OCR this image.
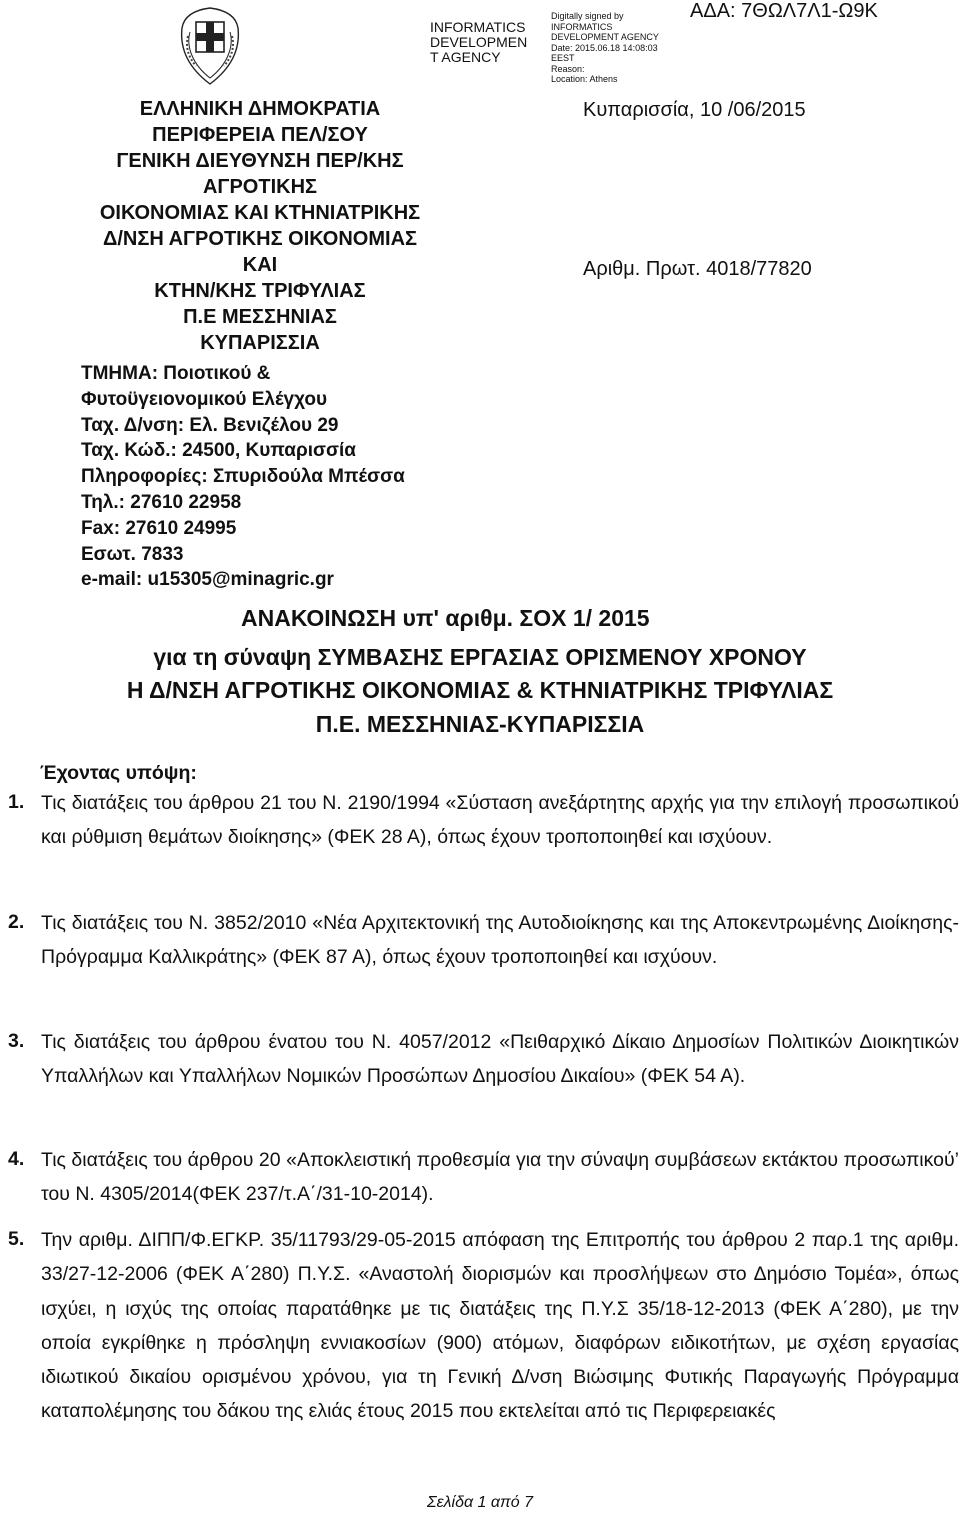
INFORMATICS
DEVELOPMEN
T AGENCY
Digitally signed by
INFORMATICS
DEVELOPMENT AGENCY
Date: 2015.06.18 14:08:03
EEST
Reason:
Location: Athens
ΑΔΑ: 7ΘΩΛ7Λ1-Ω9Κ
ΕΛΛΗΝΙΚΗ ΔΗΜΟΚΡΑΤΙΑ
ΠΕΡΙΦΕΡΕΙΑ ΠΕΛ/ΣΟΥ
ΓΕΝΙΚΗ ΔΙΕΥΘΥΝΣΗ ΠΕΡ/ΚΗΣ
ΑΓΡΟΤΙΚΗΣ
ΟΙΚΟΝΟΜΙΑΣ ΚΑΙ ΚΤΗΝΙΑΤΡΙΚΗΣ
Δ/ΝΣΗ ΑΓΡΟΤΙΚΗΣ ΟΙΚΟΝΟΜΙΑΣ
ΚΑΙ
ΚΤΗΝ/ΚΗΣ ΤΡΙΦΥΛΙΑΣ
Π.Ε ΜΕΣΣΗΝΙΑΣ
ΚΥΠΑΡΙΣΣΙΑ
ΤΜΗΜΑ: Ποιοτικού &
Φυτοϋγειονομικού Ελέγχου
Ταχ. Δ/νση: Ελ. Βενιζέλου 29
Ταχ. Κώδ.: 24500, Κυπαρισσία
Πληροφορίες: Σπυριδούλα Μπέσσα
Τηλ.: 27610 22958
Fax: 27610 24995
Εσωτ. 7833
e-mail: u15305@minagric.gr
Κυπαρισσία, 10 /06/2015
Αριθμ. Πρωτ. 4018/77820
ΑΝΑΚΟΙΝΩΣΗ υπ' αριθμ. ΣΟΧ 1/ 2015
για τη σύναψη ΣΥΜΒΑΣΗΣ ΕΡΓΑΣΙΑΣ ΟΡΙΣΜΕΝΟΥ ΧΡΟΝΟΥ
Η Δ/ΝΣΗ ΑΓΡΟΤΙΚΗΣ ΟΙΚΟΝΟΜΙΑΣ & ΚΤΗΝΙΑΤΡΙΚΗΣ ΤΡΙΦΥΛΙΑΣ
Π.Ε. ΜΕΣΣΗΝΙΑΣ-ΚΥΠΑΡΙΣΣΙΑ
Έχοντας υπόψη:
1. Τις διατάξεις του άρθρου 21 του Ν. 2190/1994 «Σύσταση ανεξάρτητης αρχής για την επιλογή προσωπικού και ρύθμιση θεμάτων διοίκησης» (ΦΕΚ 28 Α), όπως έχουν τροποποιηθεί και ισχύουν.
2. Τις διατάξεις του Ν. 3852/2010 «Νέα Αρχιτεκτονική της Αυτοδιοίκησης και της Αποκεντρωμένης Διοίκησης- Πρόγραμμα Καλλικράτης» (ΦΕΚ 87 Α), όπως έχουν τροποποιηθεί και ισχύουν.
3. Τις διατάξεις του άρθρου ένατου του Ν. 4057/2012 «Πειθαρχικό Δίκαιο Δημοσίων Πολιτικών Διοικητικών Υπαλλήλων και Υπαλλήλων Νομικών Προσώπων Δημοσίου Δικαίου» (ΦΕΚ 54 Α).
4. Τις διατάξεις του άρθρου 20 «Αποκλειστική προθεσμία για την σύναψη συμβάσεων εκτάκτου προσωπικού’ του Ν. 4305/2014(ΦΕΚ 237/τ.Α΄/31-10-2014).
5. Την αριθμ. ΔΙΠΠ/Φ.ΕΓΚΡ. 35/11793/29-05-2015 απόφαση της Επιτροπής του άρθρου 2 παρ.1 της αριθμ. 33/27-12-2006 (ΦΕΚ Α΄280) Π.Υ.Σ. «Αναστολή διορισμών και προσλήψεων στο Δημόσιο Τομέα», όπως ισχύει, η ισχύς της οποίας παρατάθηκε με τις διατάξεις της Π.Υ.Σ 35/18-12-2013 (ΦΕΚ Α΄280), με την οποία εγκρίθηκε η πρόσληψη εννιακοσίων (900) ατόμων, διαφόρων ειδικοτήτων, με σχέση εργασίας ιδιωτικού δικαίου ορισμένου χρόνου, για τη Γενική Δ/νση Βιώσιμης Φυτικής Παραγωγής Πρόγραμμα καταπολέμησης του δάκου της ελιάς έτους 2015 που εκτελείται από τις Περιφερειακές
Σελίδα 1 από 7
